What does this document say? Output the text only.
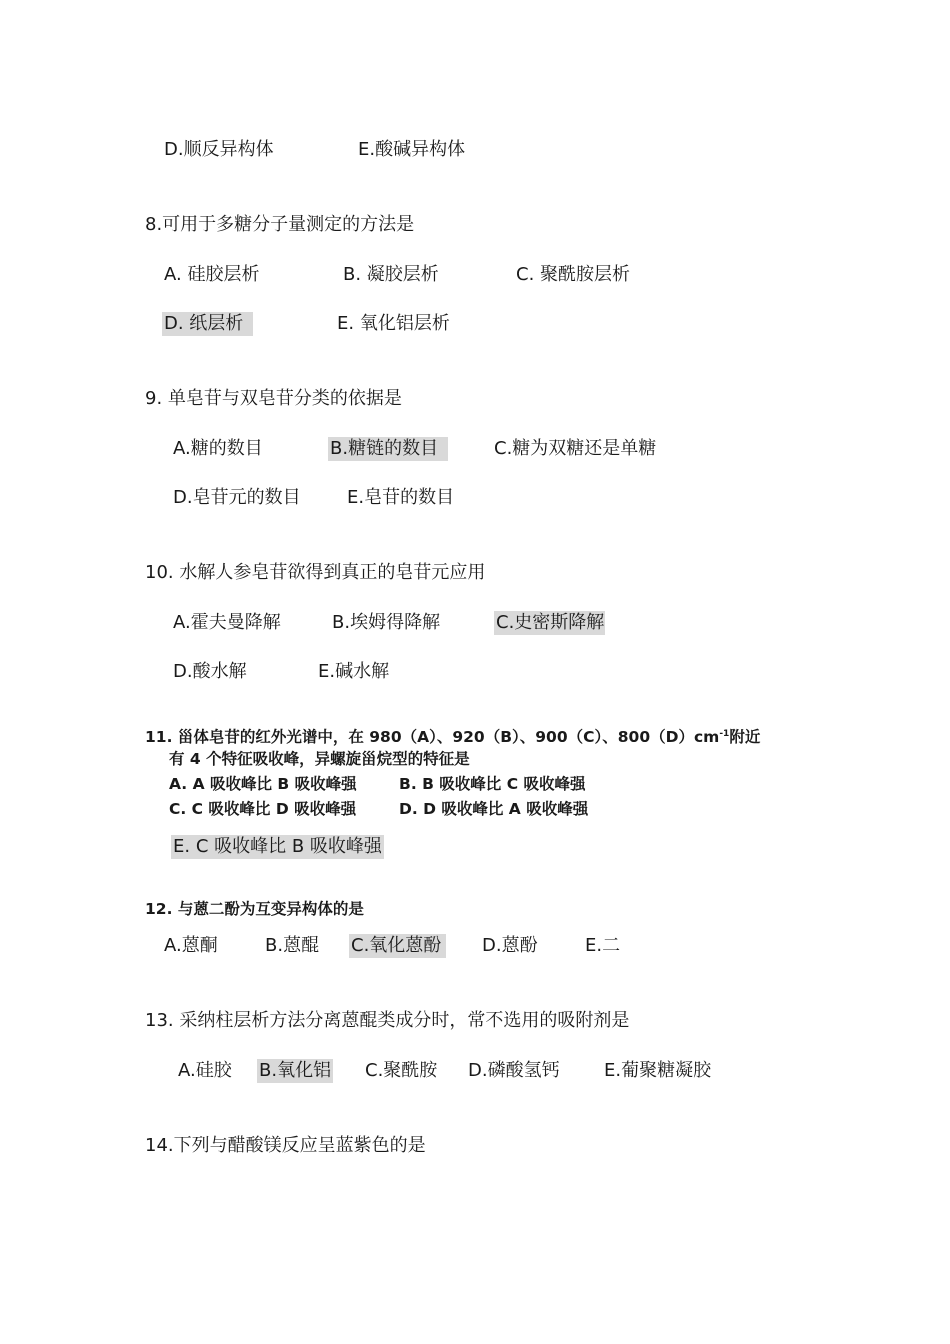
D.顺反异构体	E.酸碱异构体
8.可用于多糖分子量测定的方法是
A. 硅胶层析	B. 凝胶层析	C. 聚酰胺层析
D. 纸层析	E. 氧化铝层析
9. 单皂苷与双皂苷分类的依据是
A.糖的数目	B.糖链的数目	C.糖为双糖还是单糖
D.皂苷元的数目	E.皂苷的数目
10. 水解人参皂苷欲得到真正的皂苷元应用
A.霍夫曼降解	B.埃姆得降解	C.史密斯降解
D.酸水解	E.碱水解
11. 甾体皂苷的红外光谱中，在 980（A）、920（B）、900（C）、$800(D)cm^{-1}$附近
有 4 个特征吸收峰，异螺旋甾烷型的特征是
A. A 吸收峰比 B 吸收峰强	B. B 吸收峰比 C 吸收峰强
C. C 吸收峰比 D 吸收峰强	D. D 吸收峰比 A 吸收峰强
E. C 吸收峰比 B 吸收峰强
12. 与蒽二酚为互变异构体的是
A.蒽酮	B.蒽醌 C.氧化蒽酚 D.蒽酚	E.二
13. 采纳柱层析方法分离蒽醌类成分时，常不选用的吸附剂是
A.硅胶 B.氧化铝 C.聚酰胺 D.磷酸氢钙 E.葡聚糖凝胶
14.下列与醋酸镁反应呈蓝紫色的是
